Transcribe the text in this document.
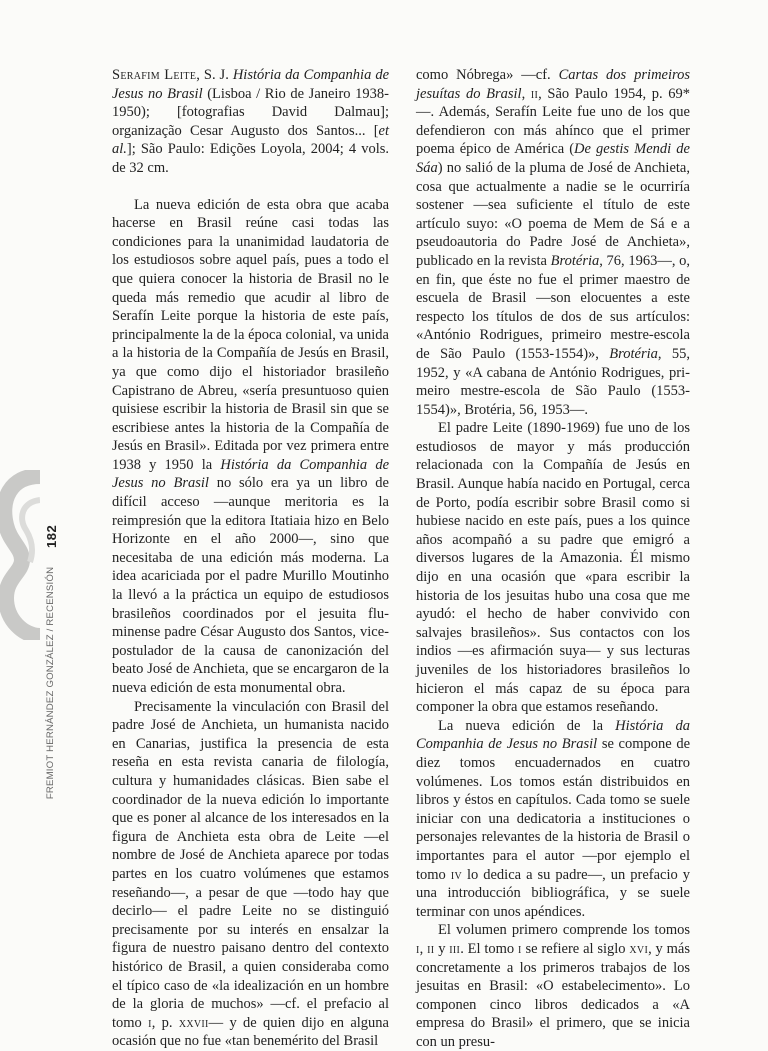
182
FREMIOT HERNÁNDEZ GONZÁLEZ / RECENSIÓN

Serafim Leite, S. J. História da Companhia de Jesus no Brasil (Lisboa / Rio de Janeiro 1938-1950); [fotografias David Dalmau]; organização Cesar Augusto dos Santos... [et al.]; São Paulo: Edições Loyola, 2004; 4 vols. de 32 cm.

La nueva edición de esta obra que acaba hacerse en Brasil reúne casi todas las condiciones para la unanimidad laudatoria de los estudiosos sobre aquel país, pues a todo el que quiera conocer la historia de Brasil no le queda más remedio que acudir al libro de Serafín Leite porque la historia de este país, principalmente la de la época colonial, va unida a la historia de la Compañía de Jesús en Brasil, ya que como dijo el historiador brasileño Capistrano de Abreu, «sería presuntuoso quien quisiese escribir la historia de Brasil sin que se escribiese antes la historia de la Compañía de Jesús en Brasil». Editada por vez primera entre 1938 y 1950 la História da Companhia de Jesus no Brasil no sólo era ya un libro de difícil acceso —aunque meritoria es la reimpresión que la editora Itatiaia hizo en Belo Horizonte en el año 2000—, sino que necesitaba de una edición más moderna. La idea acariciada por el padre Murillo Moutinho la llevó a la práctica un equipo de estudiosos brasileños coordinados por el jesuita fluminense padre César Augusto dos Santos, vicepostulador de la causa de canonización del beato José de Anchieta, que se encargaron de la nueva edición de esta monumental obra.

Precisamente la vinculación con Brasil del padre José de Anchieta, un humanista nacido en Canarias, justifica la presencia de esta reseña en esta revista canaria de filología, cultura y humanidades clásicas. Bien sabe el coordinador de la nueva edición lo importante que es poner al alcance de los interesados en la figura de Anchieta esta obra de Leite —el nombre de José de Anchieta aparece por todas partes en los cuatro volúmenes que estamos reseñando—, a pesar de que —todo hay que decirlo— el padre Leite no se distinguió precisamente por su interés en ensalzar la figura de nuestro paisano dentro del contexto histórico de Brasil, a quien consideraba como el típico caso de «la idealización en un hombre de la gloria de muchos» —cf. el prefacio al tomo i, p. xxvii— y de quien dijo en alguna ocasión que no fue «tan benemérito del Brasil

como Nóbrega» —cf. Cartas dos primeiros jesuítas do Brasil, ii, São Paulo 1954, p. 69*—. Además, Serafín Leite fue uno de los que defendieron con más ahínco que el primer poema épico de América (De gestis Mendi de Sáa) no salió de la pluma de José de Anchieta, cosa que actualmente a nadie se le ocurriría sostener —sea suficiente el título de este artículo suyo: «O poema de Mem de Sá e a pseudoautoria do Padre José de Anchieta», publicado en la revista Brotéria, 76, 1963—, o, en fin, que éste no fue el primer maestro de escuela de Brasil —son elocuentes a este respecto los títulos de dos de sus artículos: «António Rodrigues, primeiro mestre-escola de São Paulo (1553-1554)», Brotéria, 55, 1952, y «A cabana de António Rodrigues, primeiro mestre-escola de São Paulo (1553-1554)», Brotéria, 56, 1953—.

El padre Leite (1890-1969) fue uno de los estudiosos de mayor y más producción relacionada con la Compañía de Jesús en Brasil. Aunque había nacido en Portugal, cerca de Porto, podía escribir sobre Brasil como si hubiese nacido en este país, pues a los quince años acompañó a su padre que emigró a diversos lugares de la Amazonia. Él mismo dijo en una ocasión que «para escribir la historia de los jesuitas hubo una cosa que me ayudó: el hecho de haber convivido con salvajes brasileños». Sus contactos con los indios —es afirmación suya— y sus lecturas juveniles de los historiadores brasileños lo hicieron el más capaz de su época para componer la obra que estamos reseñando.

La nueva edición de la História da Companhia de Jesus no Brasil se compone de diez tomos encuadernados en cuatro volúmenes. Los tomos están distribuidos en libros y éstos en capítulos. Cada tomo se suele iniciar con una dedicatoria a instituciones o personajes relevantes de la historia de Brasil o importantes para el autor —por ejemplo el tomo iv lo dedica a su padre—, un prefacio y una introducción bibliográfica, y se suele terminar con unos apéndices.

El volumen primero comprende los tomos i, ii y iii. El tomo i se refiere al siglo xvi, y más concretamente a los primeros trabajos de los jesuitas en Brasil: «O estabelecimento». Lo componen cinco libros dedicados a «A empresa do Brasil» el primero, que se inicia con un presu-
